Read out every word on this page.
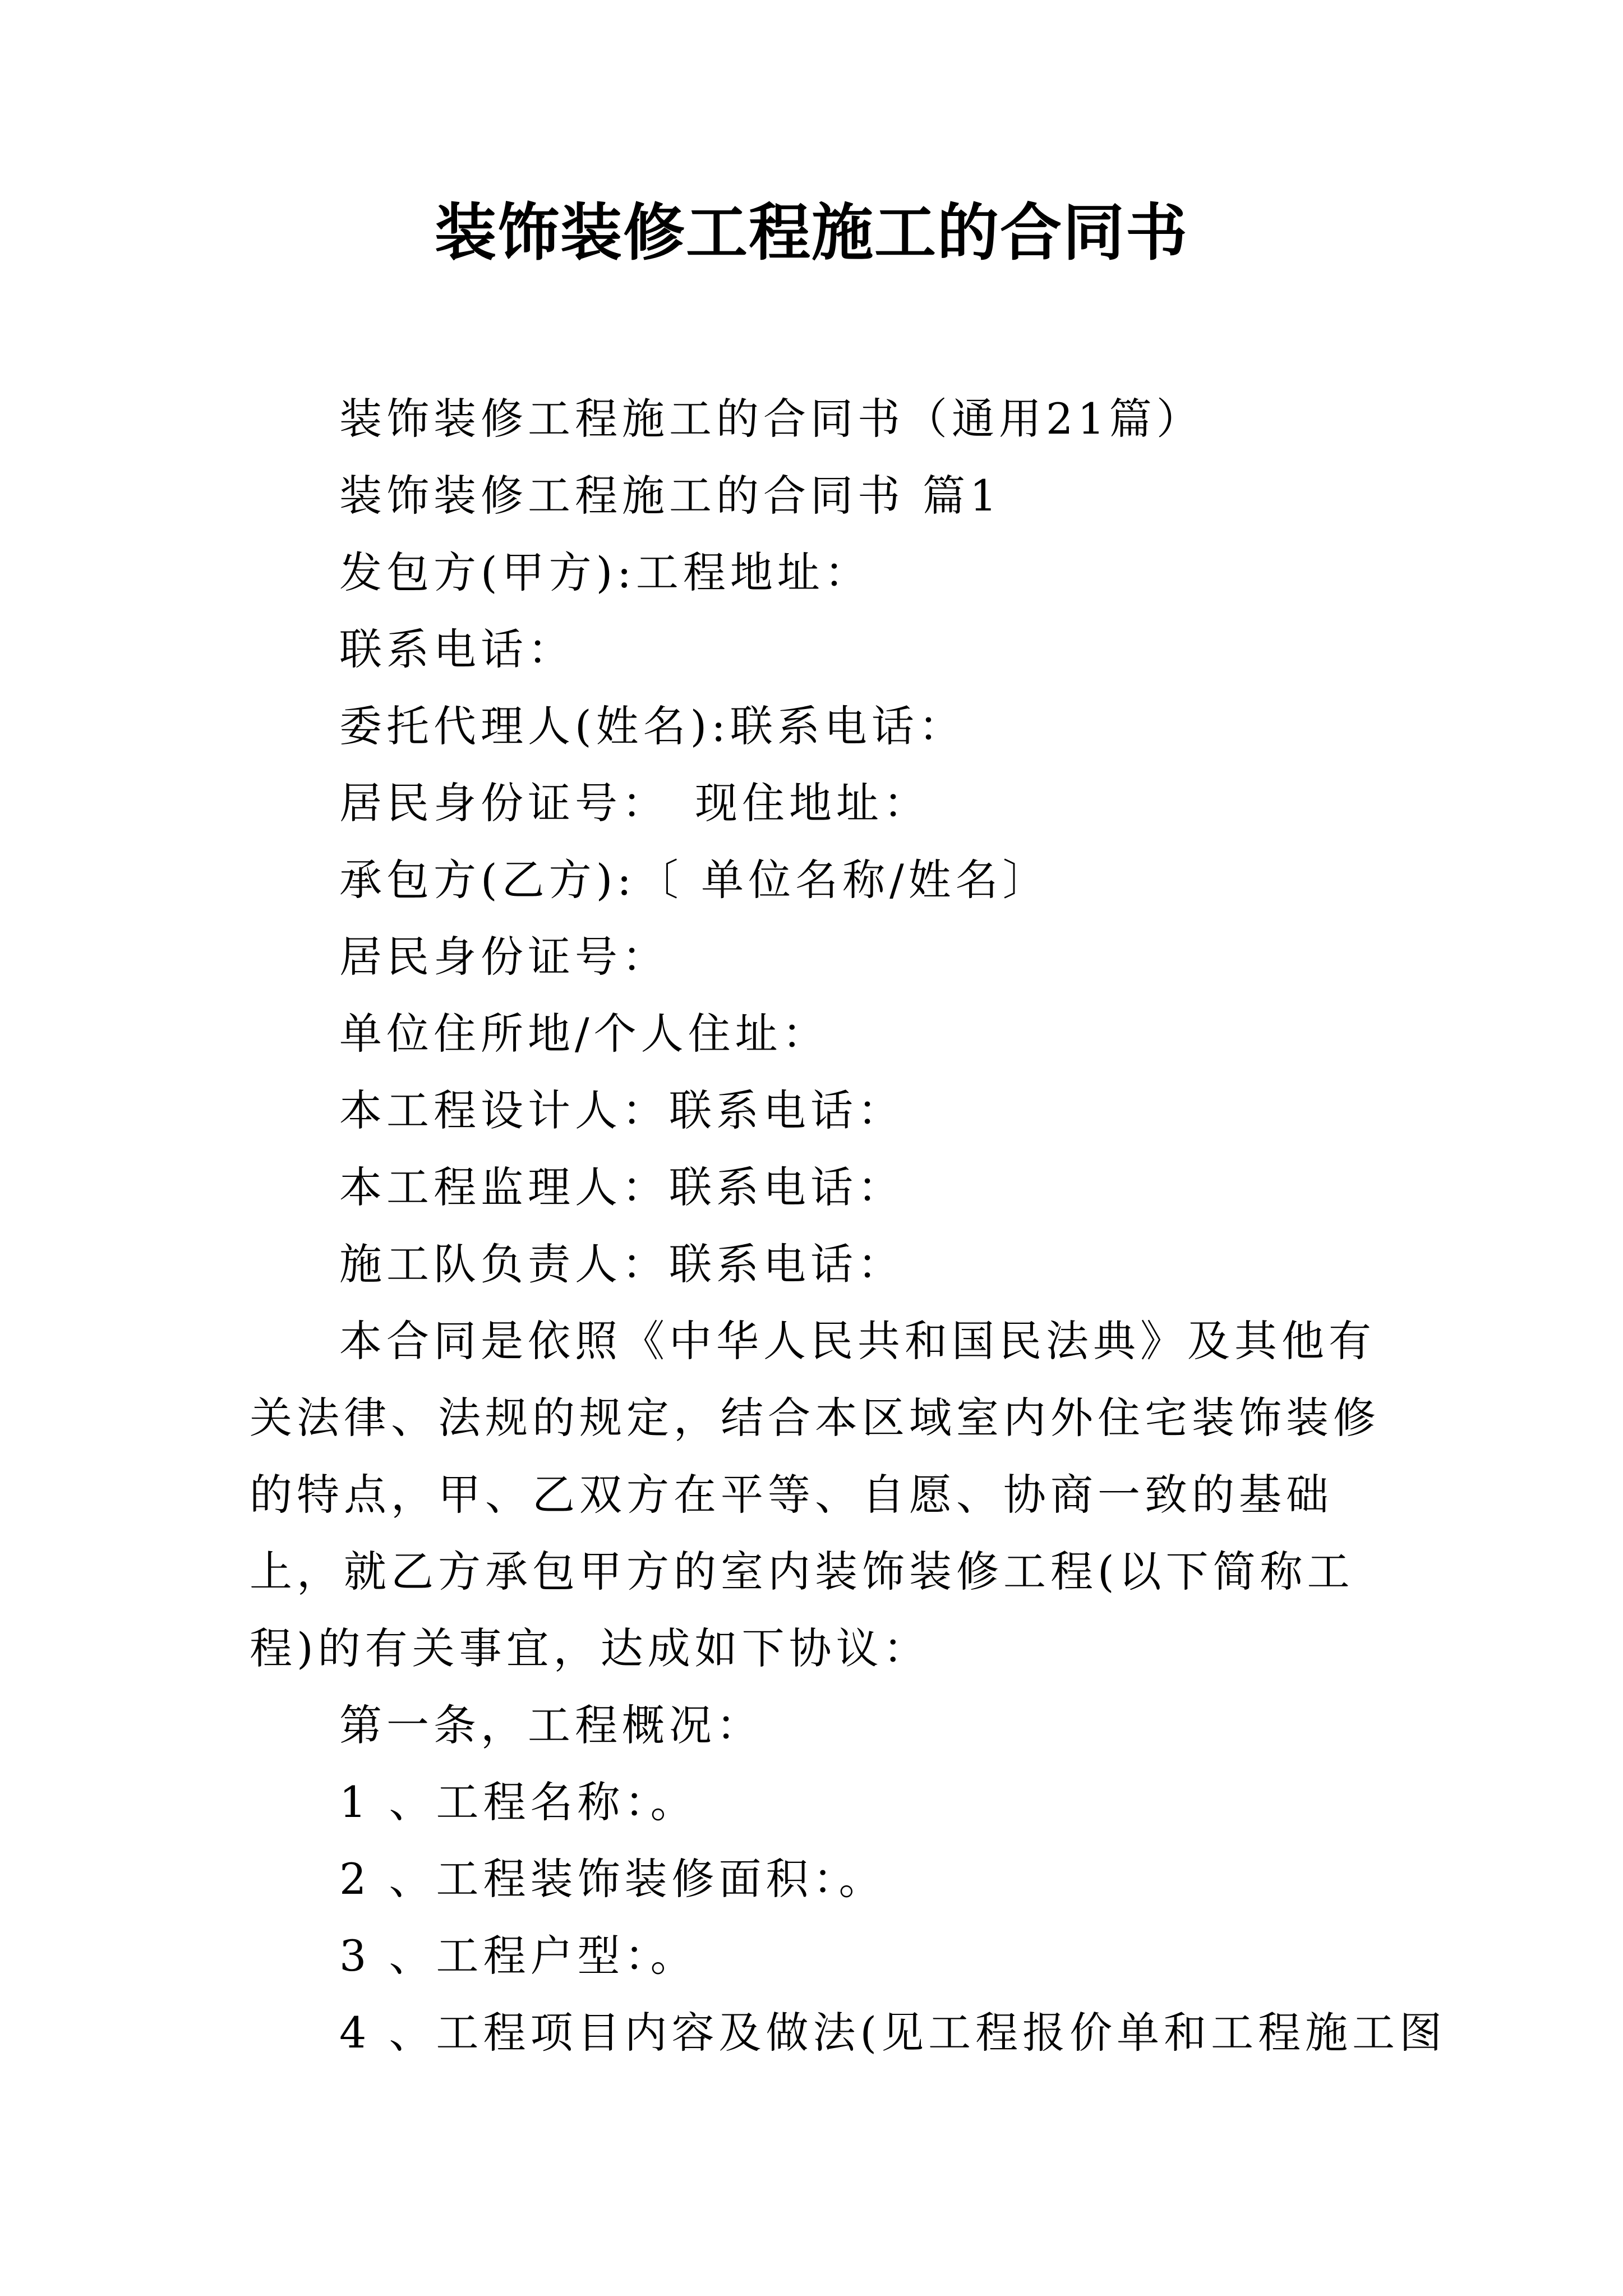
装饰装修工程施工的合同书

装饰装修工程施工的合同书（通用21篇）

装饰装修工程施工的合同书 篇1

发包方(甲方):工程地址：

联系电话：

委托代理人(姓名):联系电话：

居民身份证号：　现住地址：

承包方(乙方):〔 单位名称/姓名〕

居民身份证号：

单位住所地/个人住址：

本工程设计人：联系电话：

本工程监理人：联系电话：

施工队负责人：联系电话：

本合同是依照《中华人民共和国民法典》及其他有关法律、法规的规定，结合本区域室内外住宅装饰装修的特点，甲、乙双方在平等、自愿、协商一致的基础上，就乙方承包甲方的室内装饰装修工程(以下简称工程)的有关事宜，达成如下协议：

第一条，工程概况：

1 、工程名称：。

2 、工程装饰装修面积：。

3 、工程户型：。

4 、工程项目内容及做法(见工程报价单和工程施工图
